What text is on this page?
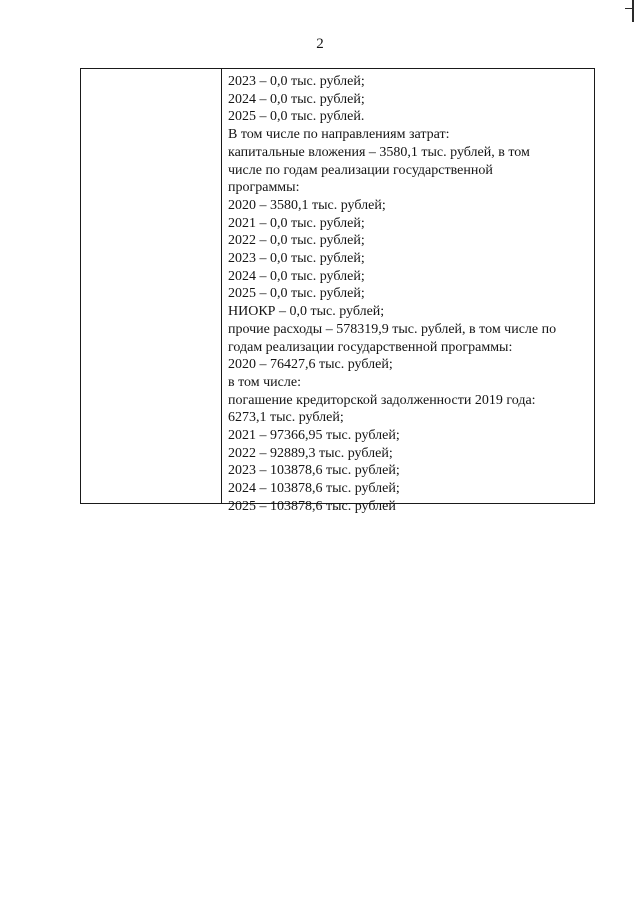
2
2023 – 0,0 тыс. рублей;
2024 – 0,0 тыс. рублей;
2025 – 0,0 тыс. рублей.
В том числе по направлениям затрат:
капитальные вложения – 3580,1 тыс. рублей, в том
числе по годам реализации государственной
программы:
2020 – 3580,1 тыс. рублей;
2021 – 0,0 тыс. рублей;
2022 – 0,0 тыс. рублей;
2023 – 0,0 тыс. рублей;
2024 – 0,0 тыс. рублей;
2025 – 0,0 тыс. рублей;
НИОКР – 0,0 тыс. рублей;
прочие расходы – 578319,9 тыс. рублей, в том числе по
годам реализации государственной программы:
2020 – 76427,6 тыс. рублей;
в том числе:
погашение кредиторской задолженности 2019 года:
6273,1 тыс. рублей;
2021 – 97366,95 тыс. рублей;
2022 – 92889,3 тыс. рублей;
2023 – 103878,6 тыс. рублей;
2024 – 103878,6 тыс. рублей;
2025 – 103878,6 тыс. рублей
